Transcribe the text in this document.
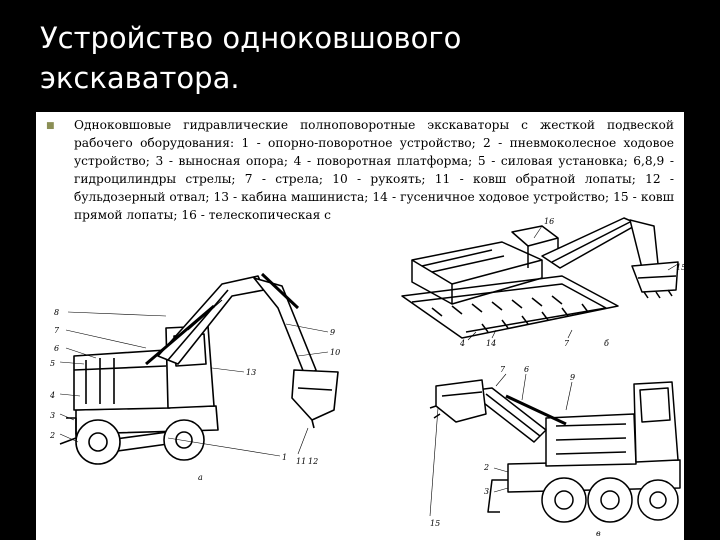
Устройство одноковшового
экскаватора.
■ Одноковшовые гидравлические полноповоротные экскаваторы с жесткой подвеской рабочего оборудования: 1 - опорно-поворотное устройство; 2 - пневмоколесное ходовое устройство; 3 - выносная опора; 4 - поворотная платформа; 5 - силовая установка; 6,8,9 - гидроцилиндры стрелы; 7 - стрела; 10 - рукоять; 11 - ковш обратной лопаты; 12 - бульдозерный отвал; 13 - кабина машиниста; 14 - гусеничное ходовое устройство; 15 - ковш прямой лопаты; 16 - телескопическая с
8
7
6
5
4
3
2
9
10
13
11 12
1
а
16
15
4	14	7	б
15
7 6
9
2
3
в
